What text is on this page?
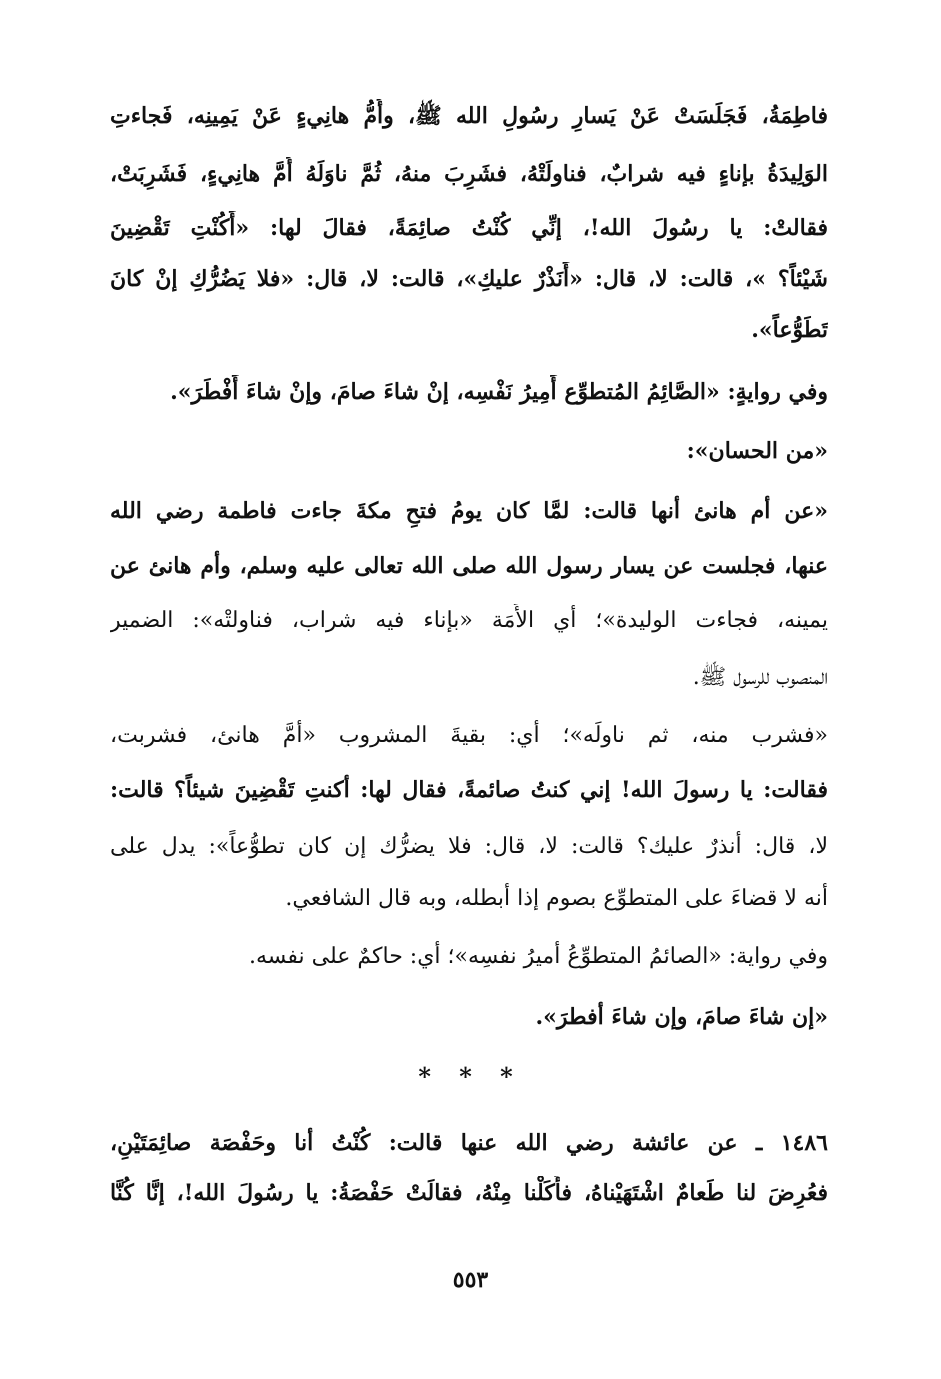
فاطِمَةُ، فَجَلَسَتْ عَنْ يَسارِ رسُولِ الله ﷺ، وأُمُّ هانِيءٍ عَنْ يَمِينِه، فَجاءتِ
الوَلِيدَةُ بإناءٍ فيه شرابٌ، فناولَتْهُ، فشَرِبَ منهُ، ثُمَّ ناوَلَهُ أُمَّ هانِيءٍ، فَشَرِبَتْ،
فقالتْ: يا رسُولَ الله!، إنِّي كُنْتُ صائِمَةً، فقالَ لها: «أَكُنْتِ تَقْضِينَ
شَيْئاً؟ »، قالت: لا، قال: «أَنَذْرٌ عليكِ»، قالت: لا، قال: «فلا يَضُرُّكِ إنْ كانَ
تَطَوُّعاً».
وفي روايةٍ: «الصَّائِمُ المُتطوِّع أَمِيرُ نَفْسِه، إنْ شاءَ صامَ، وإنْ شاءَ أَفْطَرَ».
«من الحسان»:
«عن أم هانئ أنها قالت: لمَّا كان يومُ فتحِ مكةَ جاءت فاطمة رضي الله
عنها، فجلست عن يسار رسول الله صلى الله تعالى عليه وسلم، وأم هانئ عن
يمينه، فجاءت الوليدة»؛ أي الأَمَة «بإناء فيه شراب، فناولتْه»: الضمير
المنصوب للرسول ﷺ.
«فشرب منه، ثم ناولَه»؛ أي: بقيةَ المشروب «أمَّ هانئ، فشربت،
فقالت: يا رسولَ الله! إني كنتُ صائمةً، فقال لها: أكنتِ تَقْضِينَ شيئاً؟ قالت:
لا، قال: أنذرٌ عليك؟ قالت: لا، قال: فلا يضرُّك إن كان تطوُّعاً»: يدل على
أنه لا قضاءَ على المتطوِّع بصوم إذا أبطله، وبه قال الشافعي.
وفي رواية: «الصائمُ المتطوِّعُ أميرُ نفسِه»؛ أي: حاكمٌ على نفسه.
«إن شاءَ صامَ، وإن شاءَ أفطرَ».
* * *
١٤٨٦ ـ عن عائشة رضي الله عنها قالت: كُنْتُ أنا وحَفْصَة صائِمَتَيْنِ،
فعُرِضَ لنا طَعامٌ اشْتَهَيْناهُ، فأَكَلْنا مِنْهُ، فقالَتْ حَفْصَةُ: يا رسُولَ الله!، إنَّا كُنَّا
٥٥٣
